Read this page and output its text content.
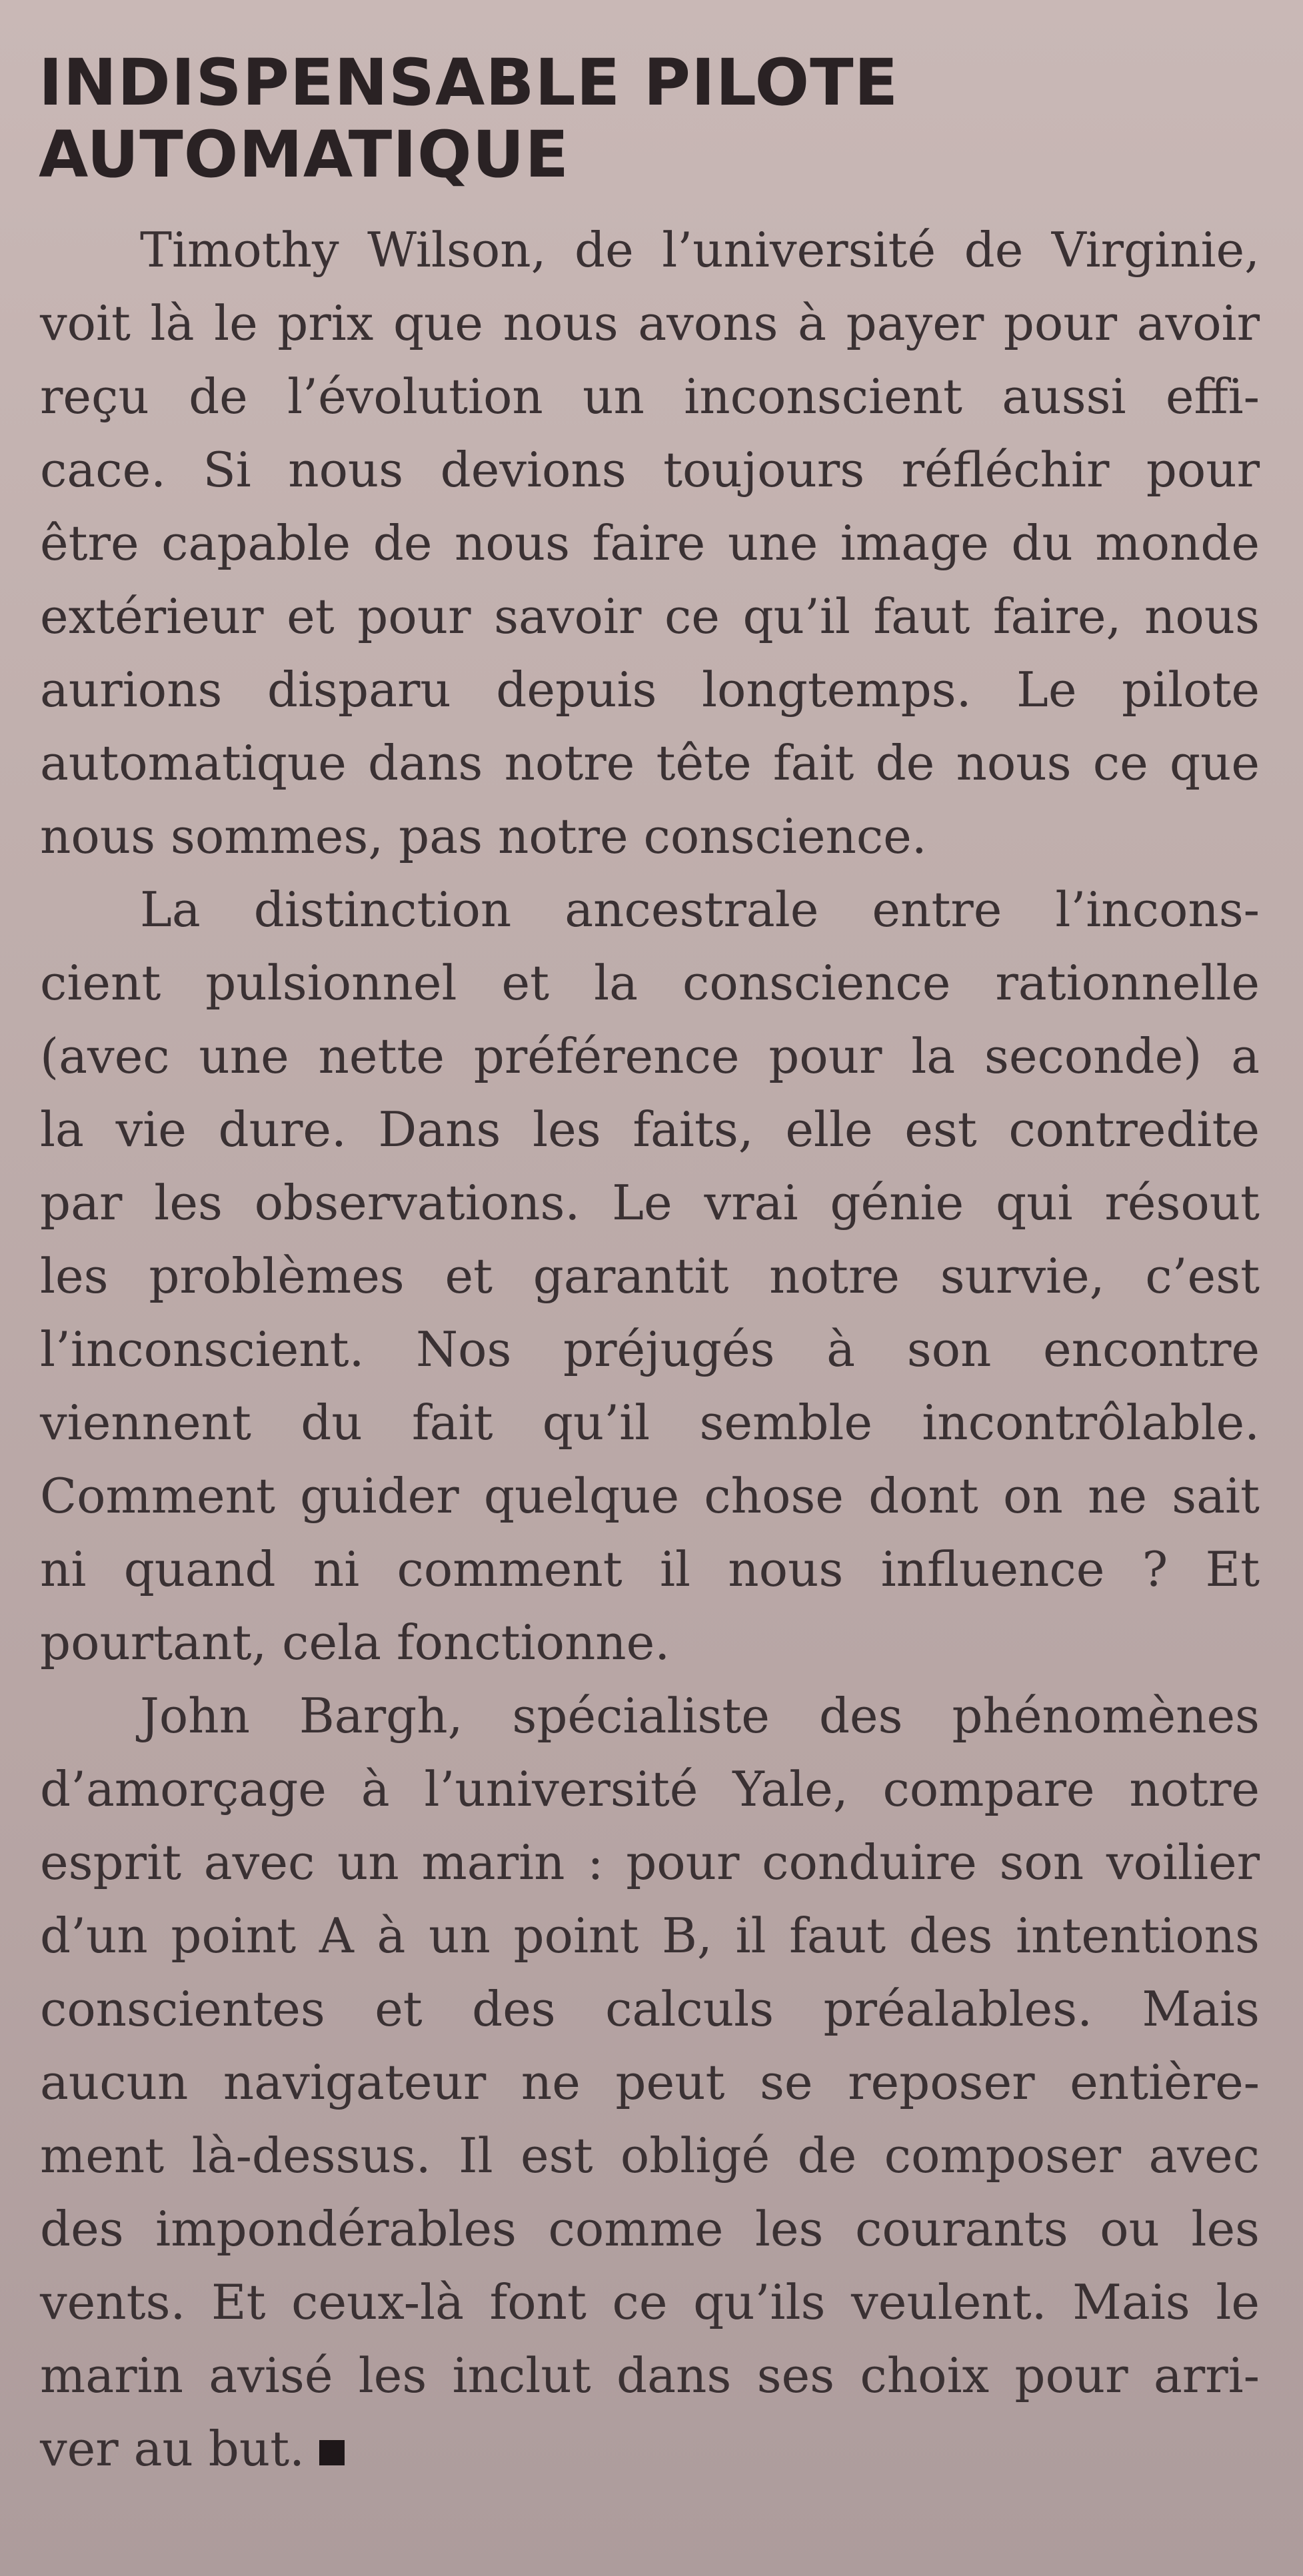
INDISPENSABLE PILOTE
AUTOMATIQUE
Timothy Wilson, de l’université de Virginie,
voit là le prix que nous avons à payer pour avoir
reçu de l’évolution un inconscient aussi effi-
cace. Si nous devions toujours réfléchir pour
être capable de nous faire une image du monde
extérieur et pour savoir ce qu’il faut faire, nous
aurions disparu depuis longtemps. Le pilote
automatique dans notre tête fait de nous ce que
nous sommes, pas notre conscience.
La distinction ancestrale entre l’incons-
cient pulsionnel et la conscience rationnelle
(avec une nette préférence pour la seconde) a
la vie dure. Dans les faits, elle est contredite
par les observations. Le vrai génie qui résout
les problèmes et garantit notre survie, c’est
l’inconscient. Nos préjugés à son encontre
viennent du fait qu’il semble incontrôlable.
Comment guider quelque chose dont on ne sait
ni quand ni comment il nous influence ? Et
pourtant, cela fonctionne.
John Bargh, spécialiste des phénomènes
d’amorçage à l’université Yale, compare notre
esprit avec un marin : pour conduire son voilier
d’un point A à un point B, il faut des intentions
conscientes et des calculs préalables. Mais
aucun navigateur ne peut se reposer entière-
ment là-dessus. Il est obligé de composer avec
des impondérables comme les courants ou les
vents. Et ceux-là font ce qu’ils veulent. Mais le
marin avisé les inclut dans ses choix pour arri-
ver au but.
